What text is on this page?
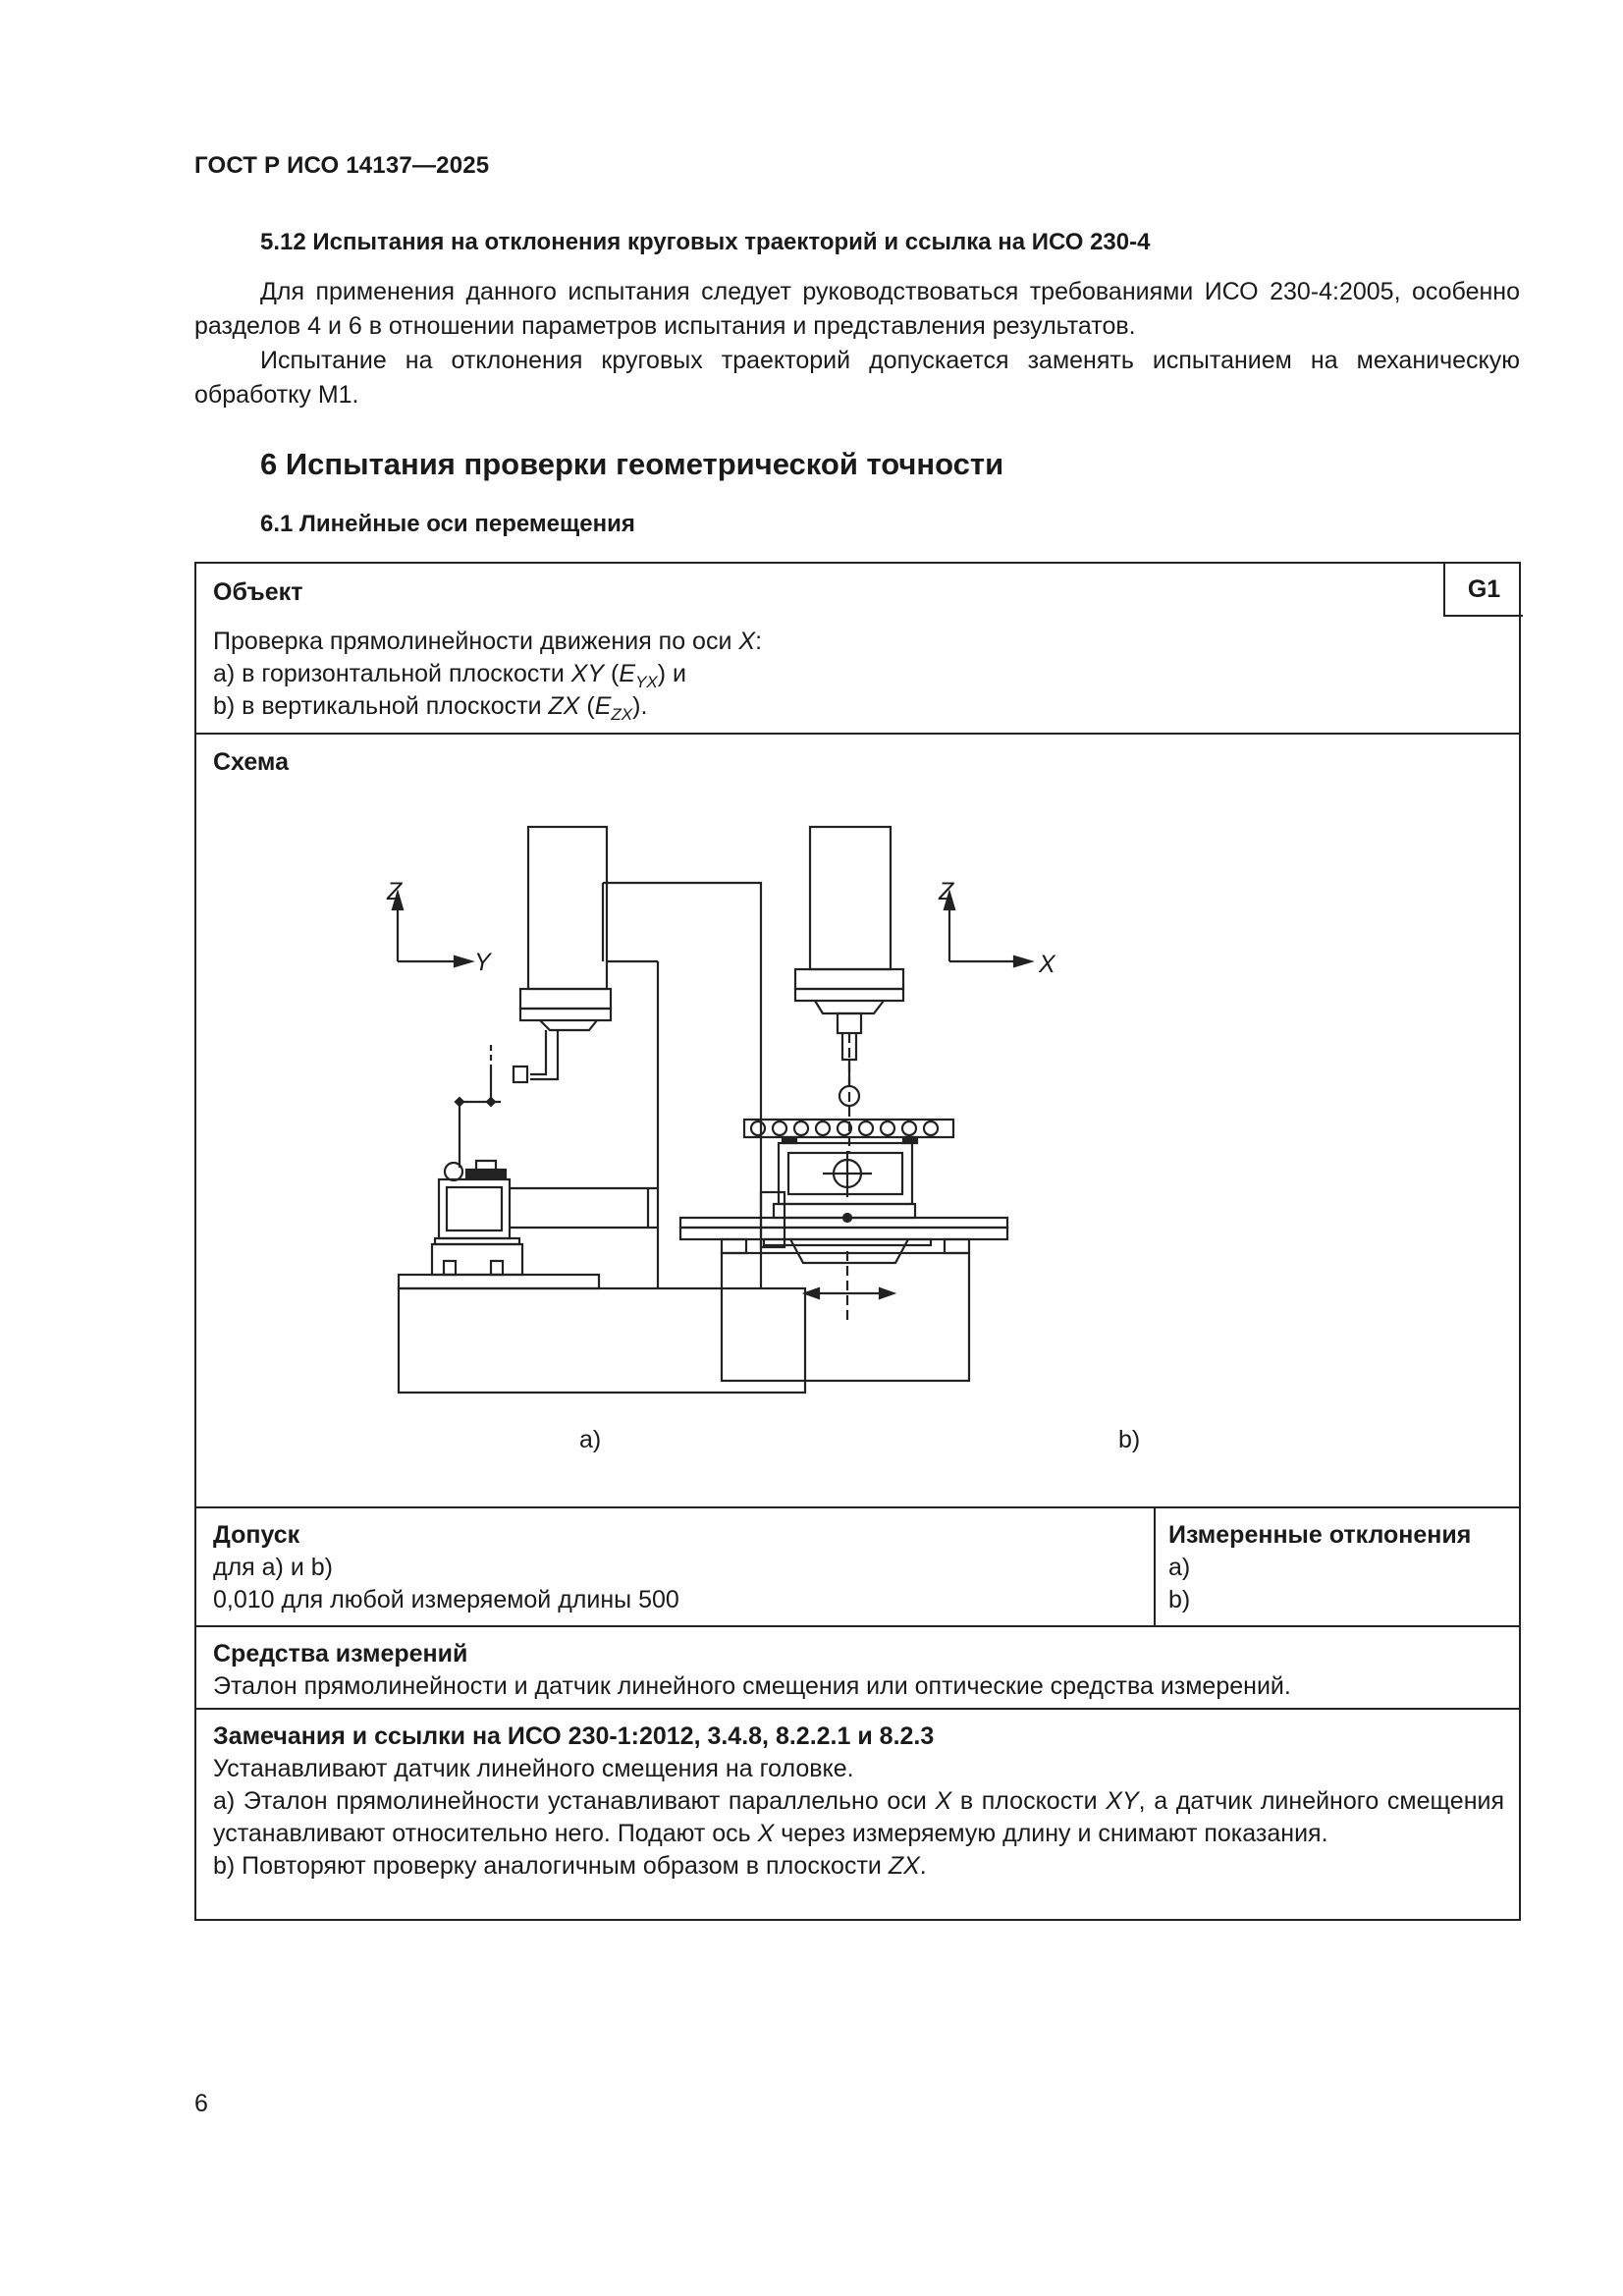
ГОСТ Р ИСО 14137—2025
5.12 Испытания на отклонения круговых траекторий и ссылка на ИСО 230-4
Для применения данного испытания следует руководствоваться требованиями ИСО 230-4:2005, особенно разделов 4 и 6 в отношении параметров испытания и представления результатов.
Испытание на отклонения круговых траекторий допускается заменять испытанием на механическую обработку М1.
6 Испытания проверки геометрической точности
6.1 Линейные оси перемещения
G1
Объект
Проверка прямолинейности движения по оси X:
a) в горизонтальной плоскости XY $(E_{YX})$ и
b) в вертикальной плоскости ZX $(E_{ZX})$.
Схема
Z
Y
a)
Z
X
b)
Допуск
для a) и b)
0,010 для любой измеряемой длины 500
Измеренные отклонения
a)
b)
Средства измерений
Эталон прямолинейности и датчик линейного смещения или оптические средства измерений.
Замечания и ссылки на ИСО 230-1:2012, 3.4.8, 8.2.2.1 и 8.2.3
Устанавливают датчик линейного смещения на головке.
a) Эталон прямолинейности устанавливают параллельно оси X в плоскости XY, а датчик линейного смещения устанавливают относительно него. Подают ось X через измеряемую длину и снимают показания.
b) Повторяют проверку аналогичным образом в плоскости ZX.
6
